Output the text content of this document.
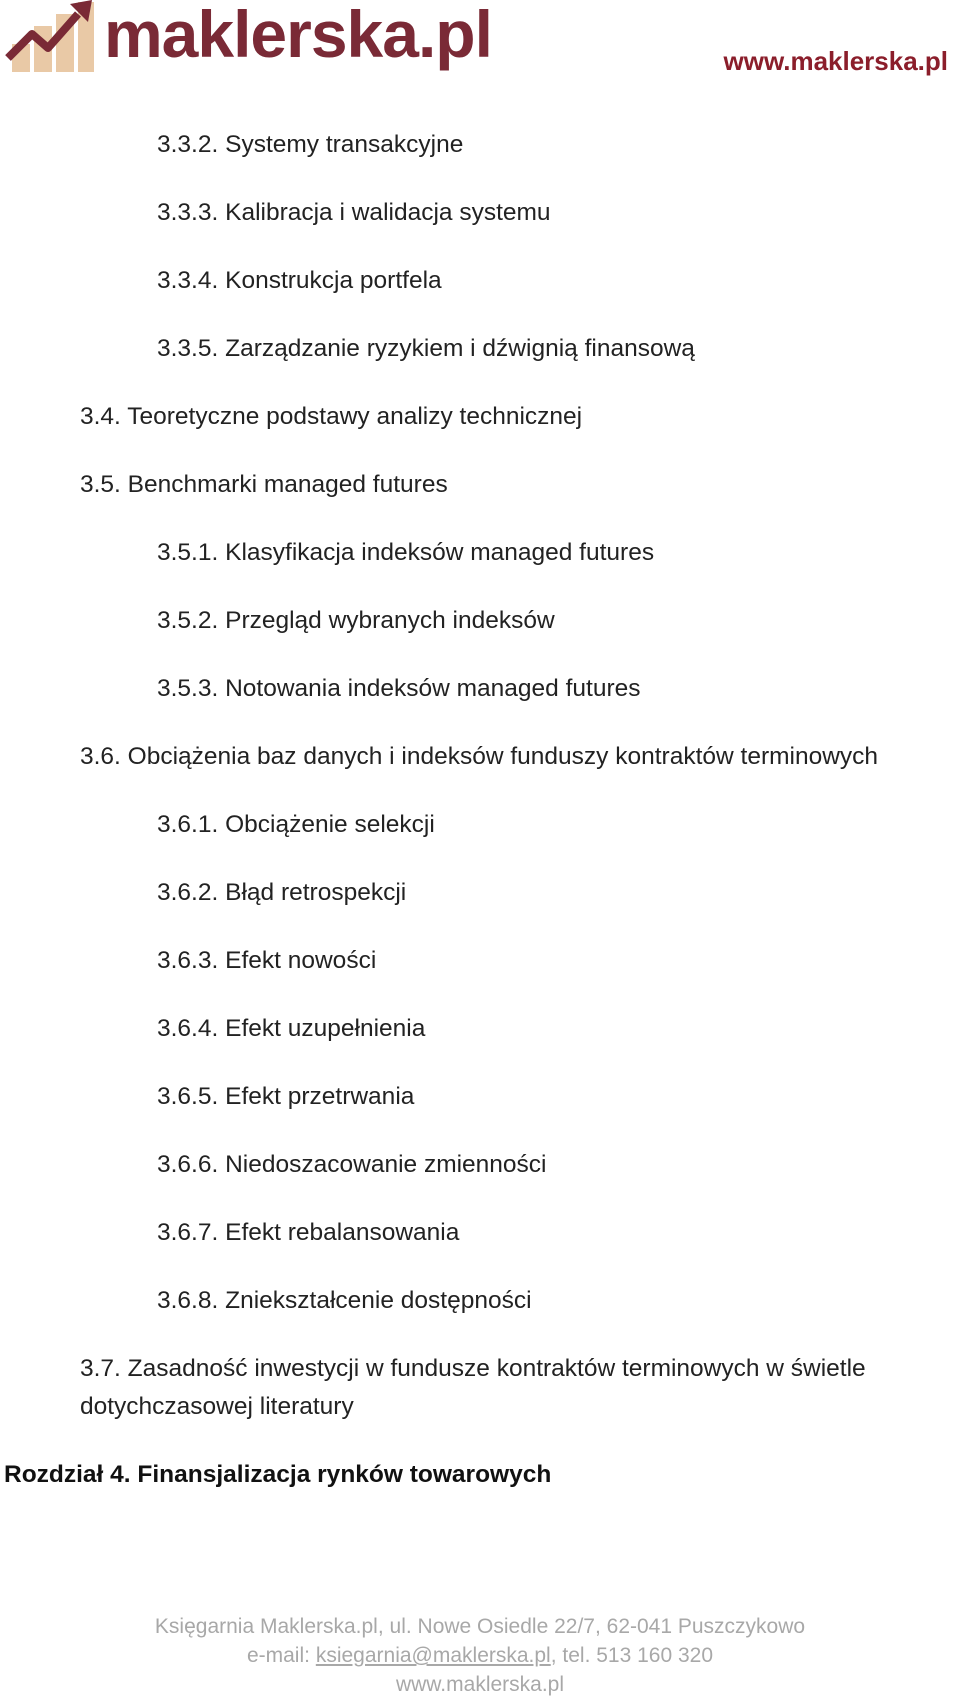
maklerska.pl	www.maklerska.pl
3.3.2. Systemy transakcyjne
3.3.3. Kalibracja i walidacja systemu
3.3.4. Konstrukcja portfela
3.3.5. Zarządzanie ryzykiem i dźwignią finansową
3.4. Teoretyczne podstawy analizy technicznej
3.5. Benchmarki managed futures
3.5.1. Klasyfikacja indeksów managed futures
3.5.2. Przegląd wybranych indeksów
3.5.3. Notowania indeksów managed futures
3.6. Obciążenia baz danych i indeksów funduszy kontraktów terminowych
3.6.1. Obciążenie selekcji
3.6.2. Błąd retrospekcji
3.6.3. Efekt nowości
3.6.4. Efekt uzupełnienia
3.6.5. Efekt przetrwania
3.6.6. Niedoszacowanie zmienności
3.6.7. Efekt rebalansowania
3.6.8. Zniekształcenie dostępności
3.7. Zasadność inwestycji w fundusze kontraktów terminowych w świetle dotychczasowej literatury
Rozdział 4. Finansjalizacja rynków towarowych
Księgarnia Maklerska.pl, ul. Nowe Osiedle 22/7, 62-041 Puszczykowo
e-mail: ksiegarnia@maklerska.pl, tel. 513 160 320
www.maklerska.pl
